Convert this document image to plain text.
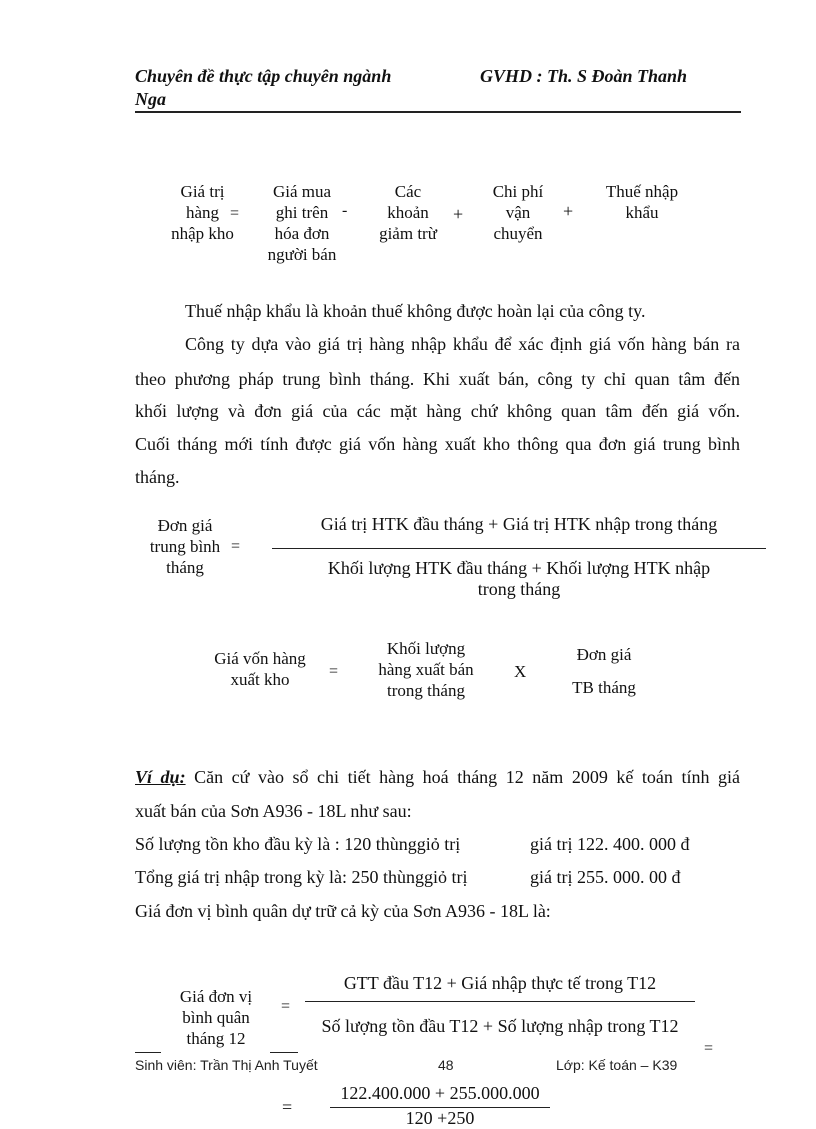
Chuyên đề thực tập chuyên ngành
Nga
GVHD : Th. S Đoàn Thanh
Giá trị
hàng
nhập kho
=
Giá mua
ghi trên
hóa đơn
người bán
-
Các
khoản
giảm trừ
+
Chi phí
vận
chuyển
+
Thuế nhập
khẩu
Thuế nhập khẩu là khoản thuế không được hoàn lại của công ty.
Công ty dựa vào giá trị hàng nhập khẩu để xác định giá vốn hàng bán ra
theo phương pháp trung bình tháng. Khi xuất bán, công ty chỉ quan tâm đến
khối lượng và đơn giá của các mặt hàng chứ không quan tâm đến giá vốn.
Cuối tháng mới tính được giá vốn hàng xuất kho thông qua đơn giá trung bình
tháng.
Đơn giá
trung bình
tháng
=
Giá trị HTK đầu tháng + Giá trị HTK nhập trong tháng
Khối lượng HTK đầu tháng + Khối lượng HTK nhập
trong tháng
Giá vốn hàng
xuất kho	=
Khối lượng
hàng xuất bán
trong tháng
X
Đơn giá
TB tháng
Ví dụ: Căn cứ vào sổ chi tiết hàng hoá tháng 12 năm 2009 kế toán tính giá
xuất bán của Sơn A936 - 18L như sau:
Số lượng tồn kho đầu kỳ là : 120 thùnggiỏ trị	giá trị 122. 400. 000 đ
Tổng giá trị nhập trong kỳ là: 250 thùnggiỏ trị	giá trị 255. 000. 00 đ
Giá đơn vị bình quân dự trữ cả kỳ của Sơn A936 - 18L là:
Giá đơn vị
bình quân
tháng 12
=
GTT đầu T12 + Giá nhập thực tế trong T12
Số lượng tồn đầu T12 + Số lượng nhập trong T12
=
Sinh viên: Trần Thị Anh Tuyết	48	Lớp: Kế toán – K39
=
122.400.000 + 255.000.000
120 +250
